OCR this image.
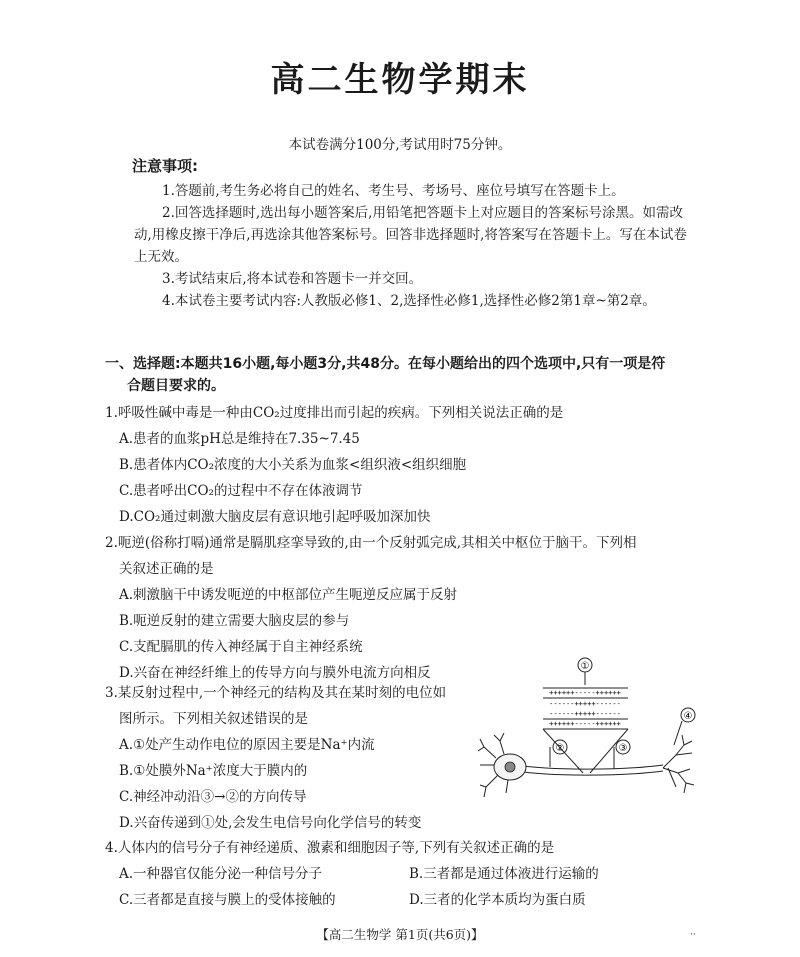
高二生物学期末
本试卷满分100分,考试用时75分钟。
注意事项:

1.答题前,考生务必将自己的姓名、考生号、考场号、座位号填写在答题卡上。

2.回答选择题时,选出每小题答案后,用铅笔把答题卡上对应题目的答案标号涂黑。如需改动,用橡皮擦干净后,再选涂其他答案标号。回答非选择题时,将答案写在答题卡上。写在本试卷上无效。

3.考试结束后,将本试卷和答题卡一并交回。

4.本试卷主要考试内容:人教版必修1、2,选择性必修1,选择性必修2第1章~第2章。

一、选择题:本题共16小题,每小题3分,共48分。在每小题给出的四个选项中,只有一项是符
合题目要求的。

1.呼吸性碱中毒是一种由CO₂过度排出而引起的疾病。下列相关说法正确的是

A.患者的血浆pH总是维持在7.35~7.45

B.患者体内CO₂浓度的大小关系为血浆<组织液<组织细胞

C.患者呼出CO₂的过程中不存在体液调节

D.CO₂通过刺激大脑皮层有意识地引起呼吸加深加快

2.呃逆(俗称打嗝)通常是膈肌痉挛导致的,由一个反射弧完成,其相关中枢位于脑干。下列相

关叙述正确的是

A.刺激脑干中诱发呃逆的中枢部位产生呃逆反应属于反射

B.呃逆反射的建立需要大脑皮层的参与

C.支配膈肌的传入神经属于自主神经系统

D.兴奋在神经纤维上的传导方向与膜外电流方向相反

3.某反射过程中,一个神经元的结构及其在某时刻的电位如

图所示。下列相关叙述错误的是

A.①处产生动作电位的原因主要是Na⁺内流

B.①处膜外Na⁺浓度大于膜内的

C.神经冲动沿③→②的方向传导

D.兴奋传递到①处,会发生电信号向化学信号的转变

①
++++++-----++++++
------+++++------
------+++++------
++++++-----++++++
②	③
④

4.人体内的信号分子有神经递质、激素和细胞因子等,下列有关叙述正确的是

A.一种器官仅能分泌一种信号分子	B.三者都是通过体液进行运输的
C.三者都是直接与膜上的受体接触的	D.三者的化学本质均为蛋白质
【高二生物学 第1页(共6页)】	··
